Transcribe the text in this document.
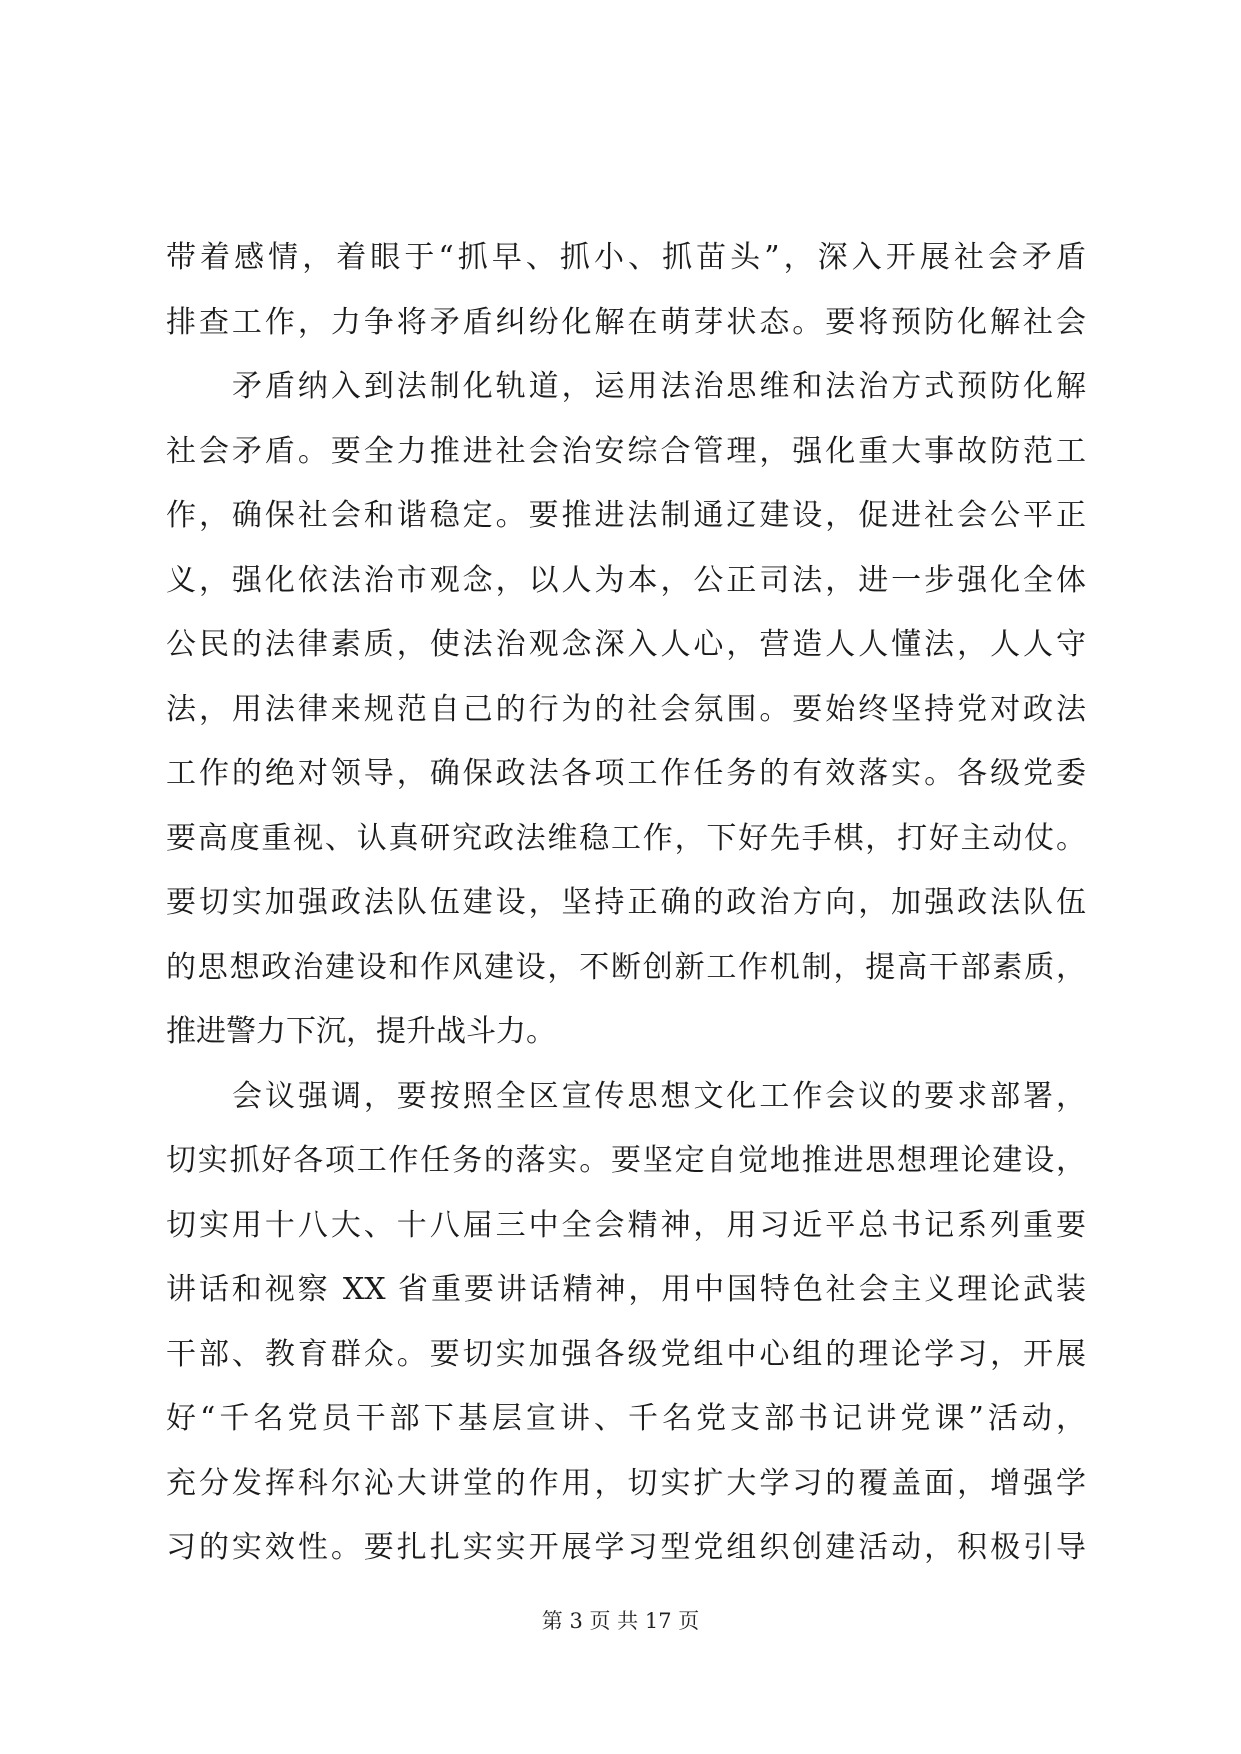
带着感情，着眼于“抓早、抓小、抓苗头”，深入开展社会矛盾
排查工作，力争将矛盾纠纷化解在萌芽状态。要将预防化解社会
矛盾纳入到法制化轨道，运用法治思维和法治方式预防化解
社会矛盾。要全力推进社会治安综合管理，强化重大事故防范工
作，确保社会和谐稳定。要推进法制通辽建设，促进社会公平正
义，强化依法治市观念，以人为本，公正司法，进一步强化全体
公民的法律素质，使法治观念深入人心，营造人人懂法，人人守
法，用法律来规范自己的行为的社会氛围。要始终坚持党对政法
工作的绝对领导，确保政法各项工作任务的有效落实。各级党委
要高度重视、认真研究政法维稳工作，下好先手棋，打好主动仗。
要切实加强政法队伍建设，坚持正确的政治方向，加强政法队伍
的思想政治建设和作风建设，不断创新工作机制，提高干部素质，
推进警力下沉，提升战斗力。
会议强调，要按照全区宣传思想文化工作会议的要求部署，
切实抓好各项工作任务的落实。要坚定自觉地推进思想理论建设，
切实用十八大、十八届三中全会精神，用习近平总书记系列重要
讲话和视察 XX 省重要讲话精神，用中国特色社会主义理论武装
干部、教育群众。要切实加强各级党组中心组的理论学习，开展
好“千名党员干部下基层宣讲、千名党支部书记讲党课”活动，
充分发挥科尔沁大讲堂的作用，切实扩大学习的覆盖面，增强学
习的实效性。要扎扎实实开展学习型党组织创建活动，积极引导
第 3 页 共 17 页
